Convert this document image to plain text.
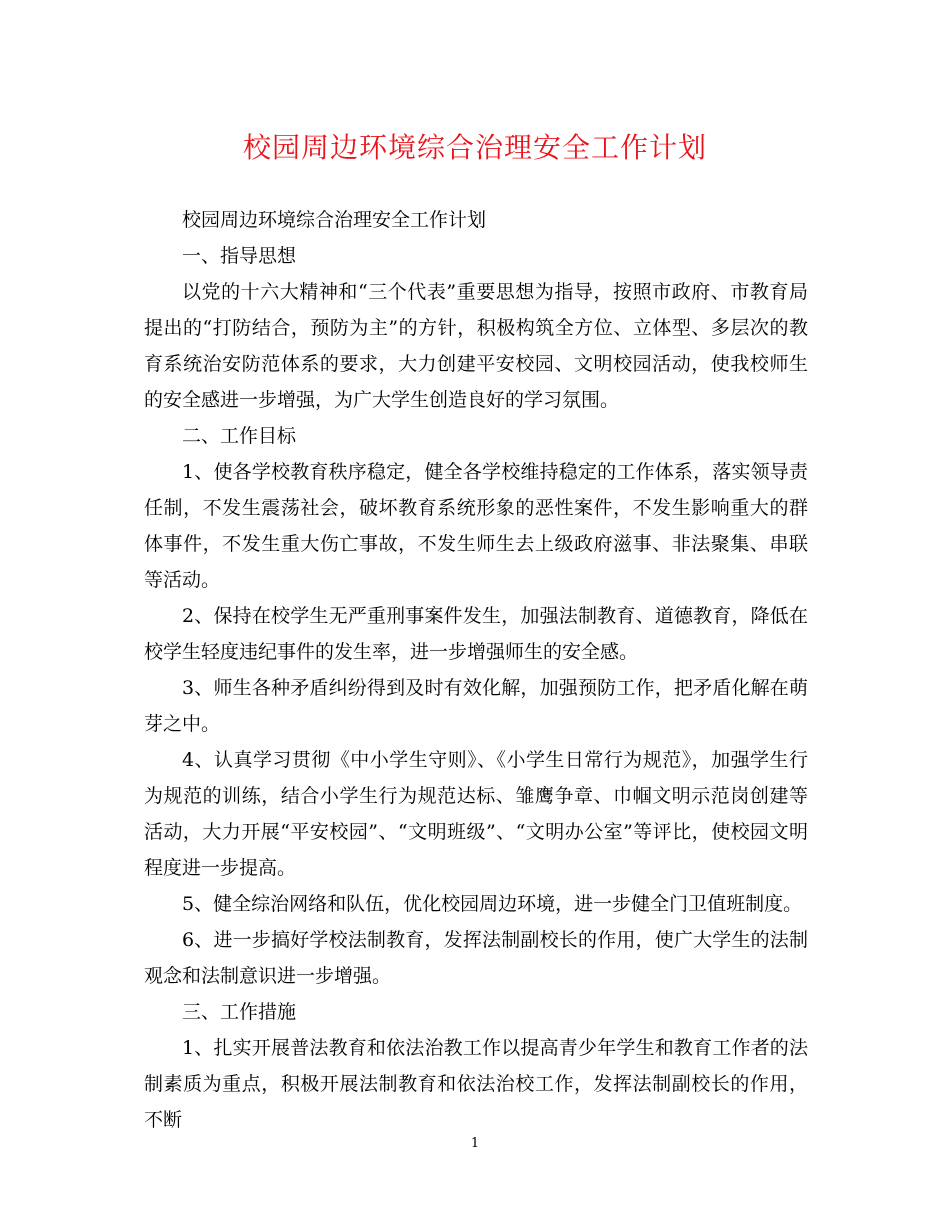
校园周边环境综合治理安全工作计划

校园周边环境综合治理安全工作计划

一、指导思想

以党的十六大精神和“三个代表”重要思想为指导，按照市政府、市教育局提出的“打防结合，预防为主”的方针，积极构筑全方位、立体型、多层次的教育系统治安防范体系的要求，大力创建平安校园、文明校园活动，使我校师生的安全感进一步增强，为广大学生创造良好的学习氛围。

二、工作目标

1、使各学校教育秩序稳定，健全各学校维持稳定的工作体系，落实领导责任制，不发生震荡社会，破坏教育系统形象的恶性案件，不发生影响重大的群体事件，不发生重大伤亡事故，不发生师生去上级政府滋事、非法聚集、串联等活动。

2、保持在校学生无严重刑事案件发生，加强法制教育、道德教育，降低在校学生轻度违纪事件的发生率，进一步增强师生的安全感。

3、师生各种矛盾纠纷得到及时有效化解，加强预防工作，把矛盾化解在萌芽之中。

4、认真学习贯彻《中小学生守则》、《小学生日常行为规范》，加强学生行为规范的训练，结合小学生行为规范达标、雏鹰争章、巾帼文明示范岗创建等活动，大力开展“平安校园”、“文明班级”、“文明办公室”等评比，使校园文明程度进一步提高。

5、健全综治网络和队伍，优化校园周边环境，进一步健全门卫值班制度。

6、进一步搞好学校法制教育，发挥法制副校长的作用，使广大学生的法制观念和法制意识进一步增强。

三、工作措施

1、扎实开展普法教育和依法治教工作以提高青少年学生和教育工作者的法制素质为重点，积极开展法制教育和依法治校工作，发挥法制副校长的作用，不断

1
